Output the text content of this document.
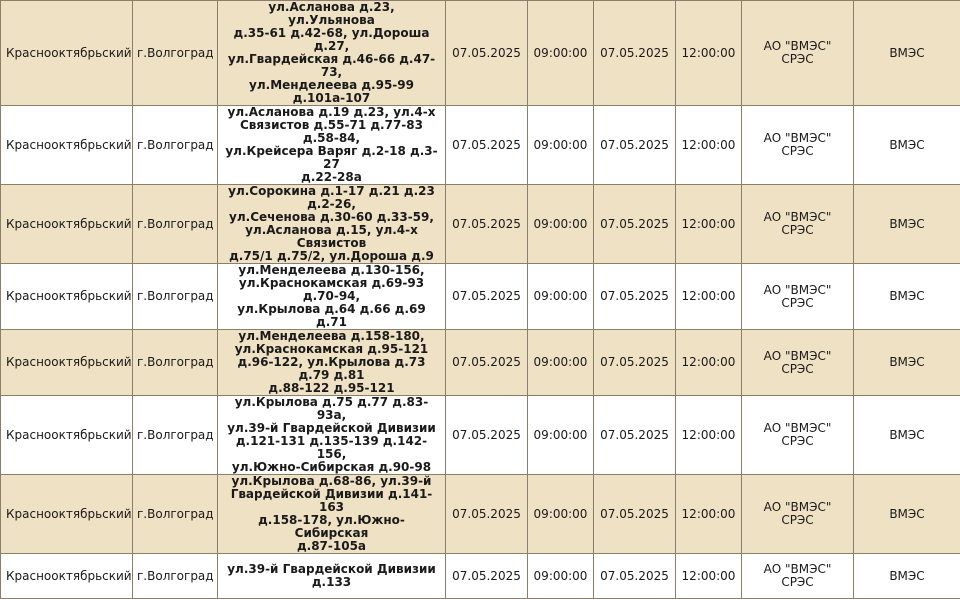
Краснооктябрьский	г.Волгоград	ул.Асланова д.23, ул.Ульянова
д.35-61 д.42-68, ул.Дороша д.27,
ул.Гвардейская д.46-66 д.47-73,
ул.Менделеева д.95-99 д.101а-107	07.05.2025	09:00:00	07.05.2025	12:00:00	АО "ВМЭС" СРЭС	ВМЭС
Краснооктябрьский	г.Волгоград	ул.Асланова д.19 д.23, ул.4-х
Связистов д.55-71 д.77-83 д.58-84,
ул.Крейсера Варяг д.2-18 д.3-27
д.22-28а	07.05.2025	09:00:00	07.05.2025	12:00:00	АО "ВМЭС" СРЭС	ВМЭС
Краснооктябрьский	г.Волгоград	ул.Сорокина д.1-17 д.21 д.23 д.2-26,
ул.Сеченова д.30-60 д.33-59,
ул.Асланова д.15, ул.4-х Связистов
д.75/1 д.75/2, ул.Дороша д.9	07.05.2025	09:00:00	07.05.2025	12:00:00	АО "ВМЭС" СРЭС	ВМЭС
Краснооктябрьский	г.Волгоград	ул.Менделеева д.130-156,
ул.Краснокамская д.69-93 д.70-94,
ул.Крылова д.64 д.66 д.69 д.71	07.05.2025	09:00:00	07.05.2025	12:00:00	АО "ВМЭС" СРЭС	ВМЭС
Краснооктябрьский	г.Волгоград	ул.Менделеева д.158-180,
ул.Краснокамская д.95-121
д.96-122, ул.Крылова д.73 д.79 д.81
д.88-122 д.95-121	07.05.2025	09:00:00	07.05.2025	12:00:00	АО "ВМЭС" СРЭС	ВМЭС
Краснооктябрьский	г.Волгоград	ул.Крылова д.75 д.77 д.83-93а,
ул.39-й Гвардейской Дивизии
д.121-131 д.135-139 д.142-156,
ул.Южно-Сибирская д.90-98	07.05.2025	09:00:00	07.05.2025	12:00:00	АО "ВМЭС" СРЭС	ВМЭС
Краснооктябрьский	г.Волгоград	ул.Крылова д.68-86, ул.39-й
Гвардейской Дивизии д.141-163
д.158-178, ул.Южно-Сибирская
д.87-105а	07.05.2025	09:00:00	07.05.2025	12:00:00	АО "ВМЭС" СРЭС	ВМЭС
Краснооктябрьский	г.Волгоград	ул.39-й Гвардейской Дивизии
д.133	07.05.2025	09:00:00	07.05.2025	12:00:00	АО "ВМЭС" СРЭС	ВМЭС
